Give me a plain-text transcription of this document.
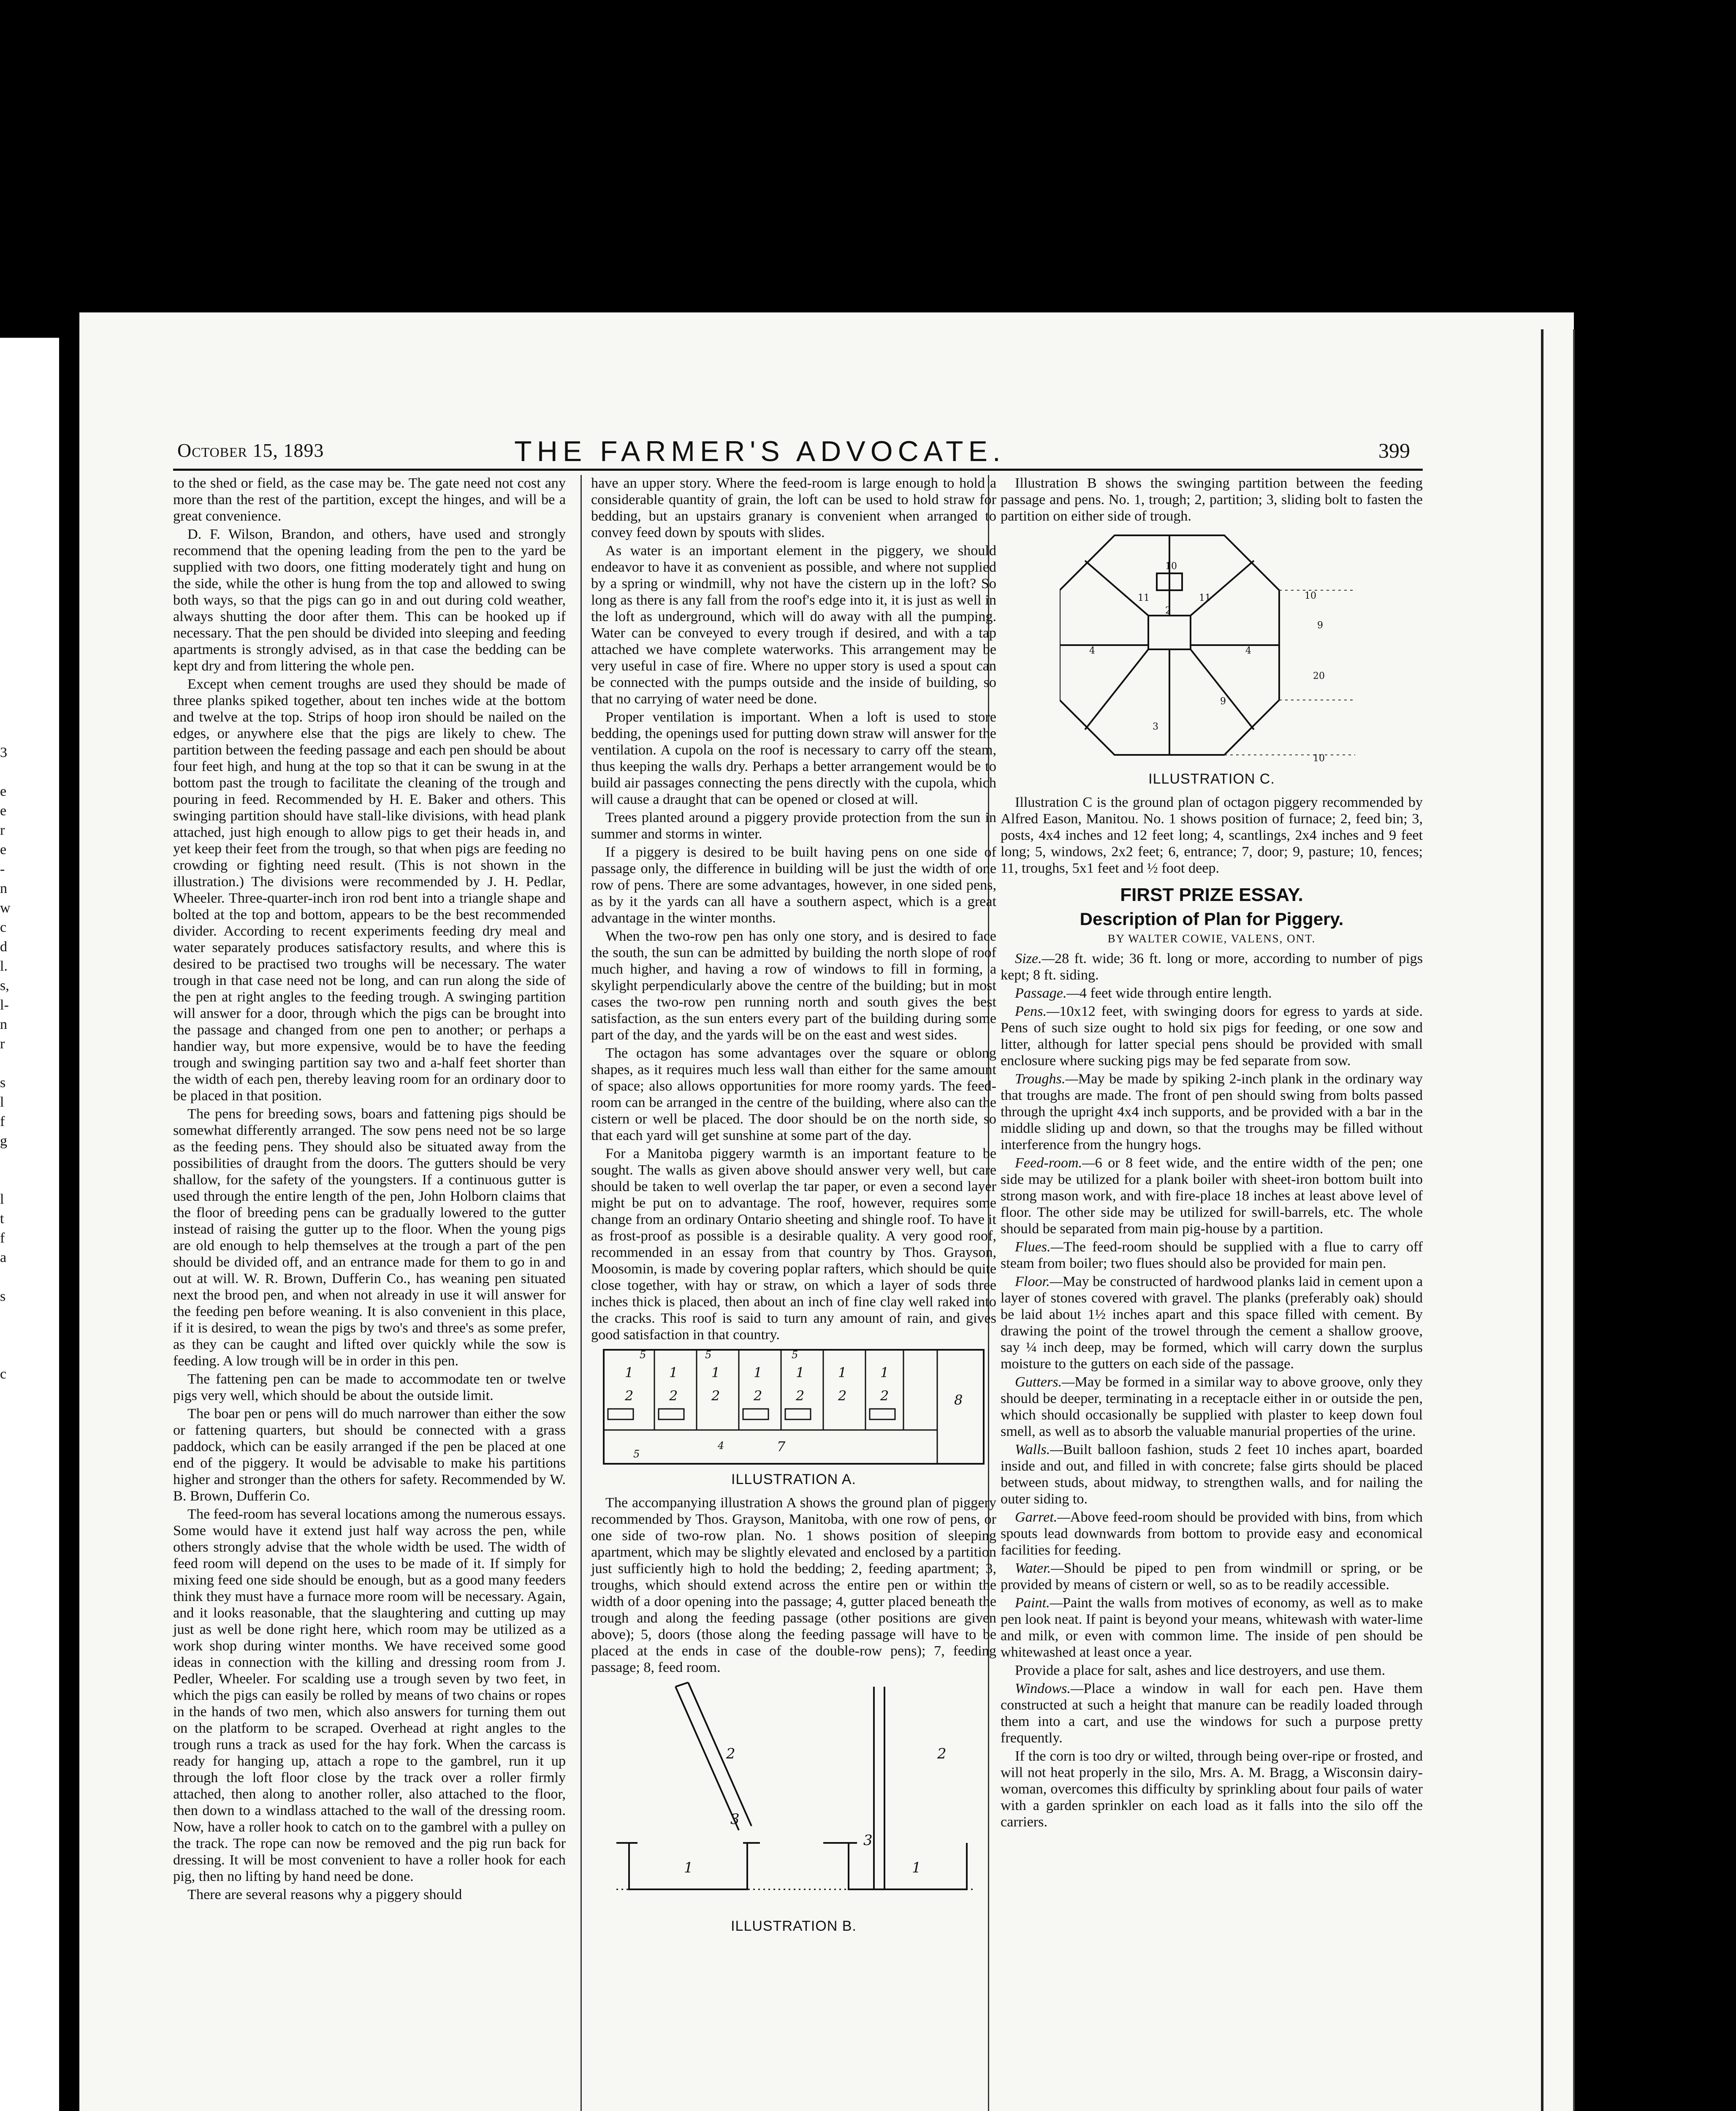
3

e
e
r
e
-
n
w
c
d
l.
s,
l-
n
r

s
l
f
g

l
t
f
a

s

c
October 15, 1893	THE FARMER'S ADVOCATE.	399

to the shed or field, as the case may be. The gate need not cost any more than the rest of the partition, except the hinges, and will be a great convenience.

D. F. Wilson, Brandon, and others, have used and strongly recommend that the opening leading from the pen to the yard be supplied with two doors, one fitting moderately tight and hung on the side, while the other is hung from the top and allowed to swing both ways, so that the pigs can go in and out during cold weather, always shutting the door after them. This can be hooked up if necessary. That the pen should be divided into sleeping and feeding apartments is strongly advised, as in that case the bedding can be kept dry and from littering the whole pen.

Except when cement troughs are used they should be made of three planks spiked together, about ten inches wide at the bottom and twelve at the top. Strips of hoop iron should be nailed on the edges, or anywhere else that the pigs are likely to chew. The partition between the feeding passage and each pen should be about four feet high, and hung at the top so that it can be swung in at the bottom past the trough to facilitate the cleaning of the trough and pouring in feed. Recommended by H. E. Baker and others. This swinging partition should have stall-like divisions, with head plank attached, just high enough to allow pigs to get their heads in, and yet keep their feet from the trough, so that when pigs are feeding no crowding or fighting need result. (This is not shown in the illustration.) The divisions were recommended by J. H. Pedlar, Wheeler. Three-quarter-inch iron rod bent into a triangle shape and bolted at the top and bottom, appears to be the best recommended divider. According to recent experiments feeding dry meal and water separately produces satisfactory results, and where this is desired to be practised two troughs will be necessary. The water trough in that case need not be long, and can run along the side of the pen at right angles to the feeding trough. A swinging partition will answer for a door, through which the pigs can be brought into the passage and changed from one pen to another; or perhaps a handier way, but more expensive, would be to have the feeding trough and swinging partition say two and a-half feet shorter than the width of each pen, thereby leaving room for an ordinary door to be placed in that position.

The pens for breeding sows, boars and fattening pigs should be somewhat differently arranged. The sow pens need not be so large as the feeding pens. They should also be situated away from the possibilities of draught from the doors. The gutters should be very shallow, for the safety of the youngsters. If a continuous gutter is used through the entire length of the pen, John Holborn claims that the floor of breeding pens can be gradually lowered to the gutter instead of raising the gutter up to the floor. When the young pigs are old enough to help themselves at the trough a part of the pen should be divided off, and an entrance made for them to go in and out at will. W. R. Brown, Dufferin Co., has weaning pen situated next the brood pen, and when not already in use it will answer for the feeding pen before weaning. It is also convenient in this place, if it is desired, to wean the pigs by two's and three's as some prefer, as they can be caught and lifted over quickly while the sow is feeding. A low trough will be in order in this pen.

The fattening pen can be made to accommodate ten or twelve pigs very well, which should be about the outside limit.

The boar pen or pens will do much narrower than either the sow or fattening quarters, but should be connected with a grass paddock, which can be easily arranged if the pen be placed at one end of the piggery. It would be advisable to make his partitions higher and stronger than the others for safety. Recommended by W. B. Brown, Dufferin Co.

The feed-room has several locations among the numerous essays. Some would have it extend just half way across the pen, while others strongly advise that the whole width be used. The width of feed room will depend on the uses to be made of it. If simply for mixing feed one side should be enough, but as a good many feeders think they must have a furnace more room will be necessary. Again, and it looks reasonable, that the slaughtering and cutting up may just as well be done right here, which room may be utilized as a work shop during winter months. We have received some good ideas in connection with the killing and dressing room from J. Pedler, Wheeler. For scalding use a trough seven by two feet, in which the pigs can easily be rolled by means of two chains or ropes in the hands of two men, which also answers for turning them out on the platform to be scraped. Overhead at right angles to the trough runs a track as used for the hay fork. When the carcass is ready for hanging up, attach a rope to the gambrel, run it up through the loft floor close by the track over a roller firmly attached, then along to another roller, also attached to the floor, then down to a windlass attached to the wall of the dressing room. Now, have a roller hook to catch on to the gambrel with a pulley on the track. The rope can now be removed and the pig run back for dressing. It will be most convenient to have a roller hook for each pig, then no lifting by hand need be done.

There are several reasons why a piggery should

have an upper story. Where the feed-room is large enough to hold a considerable quantity of grain, the loft can be used to hold straw for bedding, but an upstairs granary is convenient when arranged to convey feed down by spouts with slides.

As water is an important element in the piggery, we should endeavor to have it as convenient as possible, and where not supplied by a spring or windmill, why not have the cistern up in the loft? So long as there is any fall from the roof's edge into it, it is just as well in the loft as underground, which will do away with all the pumping. Water can be conveyed to every trough if desired, and with a tap attached we have complete waterworks. This arrangement may be very useful in case of fire. Where no upper story is used a spout can be connected with the pumps outside and the inside of building, so that no carrying of water need be done.

Proper ventilation is important. When a loft is used to store bedding, the openings used for putting down straw will answer for the ventilation. A cupola on the roof is necessary to carry off the steam, thus keeping the walls dry. Perhaps a better arrangement would be to build air passages connecting the pens directly with the cupola, which will cause a draught that can be opened or closed at will.

Trees planted around a piggery provide protection from the sun in summer and storms in winter.

If a piggery is desired to be built having pens on one side of passage only, the difference in building will be just the width of one row of pens. There are some advantages, however, in one sided pens, as by it the yards can all have a southern aspect, which is a great advantage in the winter months.

When the two-row pen has only one story, and is desired to face the south, the sun can be admitted by building the north slope of roof much higher, and having a row of windows to fill in forming, a skylight perpendicularly above the centre of the building; but in most cases the two-row pen running north and south gives the best satisfaction, as the sun enters every part of the building during some part of the day, and the yards will be on the east and west sides.

The octagon has some advantages over the square or oblong shapes, as it requires much less wall than either for the same amount of space; also allows opportunities for more roomy yards. The feed-room can be arranged in the centre of the building, where also can the cistern or well be placed. The door should be on the north side, so that each yard will get sunshine at some part of the day.

For a Manitoba piggery warmth is an important feature to be sought. The walls as given above should answer very well, but care should be taken to well overlap the tar paper, or even a second layer might be put on to advantage. The roof, however, requires some change from an ordinary Ontario sheeting and shingle roof. To have it as frost-proof as possible is a desirable quality. A very good roof, recommended in an essay from that country by Thos. Grayson, Moosomin, is made by covering poplar rafters, which should be quite close together, with hay or straw, on which a layer of sods three inches thick is placed, then about an inch of fine clay well raked into the cracks. This roof is said to turn any amount of rain, and gives good satisfaction in that country.

1	1 1 1 1 1 1
2	2 2 2 2 2 2
5	5	5
7
8
4
5
ILLUSTRATION A.

The accompanying illustration A shows the ground plan of piggery recommended by Thos. Grayson, Manitoba, with one row of pens, or one side of two-row plan. No. 1 shows position of sleeping apartment, which may be slightly elevated and enclosed by a partition just sufficiently high to hold the bedding; 2, feeding apartment; 3, troughs, which should extend across the entire pen or within the width of a door opening into the passage; 4, gutter placed beneath the trough and along the feeding passage (other positions are given above); 5, doors (those along the feeding passage will have to be placed at the ends in case of the double-row pens); 7, feeding passage; 8, feed room.

2
3
1
2
3
1
ILLUSTRATION B.

Illustration B shows the swinging partition between the feeding passage and pens. No. 1, trough; 2, partition; 3, sliding bolt to fasten the partition on either side of trough.

10
2
11	11
4	4
9
20
10
3
9
10
ILLUSTRATION C.

Illustration C is the ground plan of octagon piggery recommended by Alfred Eason, Manitou. No. 1 shows position of furnace; 2, feed bin; 3, posts, 4x4 inches and 12 feet long; 4, scantlings, 2x4 inches and 9 feet long; 5, windows, 2x2 feet; 6, entrance; 7, door; 9, pasture; 10, fences; 11, troughs, 5x1 feet and ½ foot deep.

FIRST PRIZE ESSAY.
Description of Plan for Piggery.
BY WALTER COWIE, VALENS, ONT.

Size.—28 ft. wide; 36 ft. long or more, according to number of pigs kept; 8 ft. siding.

Passage.—4 feet wide through entire length.

Pens.—10x12 feet, with swinging doors for egress to yards at side. Pens of such size ought to hold six pigs for feeding, or one sow and litter, although for latter special pens should be provided with small enclosure where sucking pigs may be fed separate from sow.

Troughs.—May be made by spiking 2-inch plank in the ordinary way that troughs are made. The front of pen should swing from bolts passed through the upright 4x4 inch supports, and be provided with a bar in the middle sliding up and down, so that the troughs may be filled without interference from the hungry hogs.

Feed-room.—6 or 8 feet wide, and the entire width of the pen; one side may be utilized for a plank boiler with sheet-iron bottom built into strong mason work, and with fire-place 18 inches at least above level of floor. The other side may be utilized for swill-barrels, etc. The whole should be separated from main pig-house by a partition.

Flues.—The feed-room should be supplied with a flue to carry off steam from boiler; two flues should also be provided for main pen.

Floor.—May be constructed of hardwood planks laid in cement upon a layer of stones covered with gravel. The planks (preferably oak) should be laid about 1½ inches apart and this space filled with cement. By drawing the point of the trowel through the cement a shallow groove, say ¼ inch deep, may be formed, which will carry down the surplus moisture to the gutters on each side of the passage.

Gutters.—May be formed in a similar way to above groove, only they should be deeper, terminating in a receptacle either in or outside the pen, which should occasionally be supplied with plaster to keep down foul smell, as well as to absorb the valuable manurial properties of the urine.

Walls.—Built balloon fashion, studs 2 feet 10 inches apart, boarded inside and out, and filled in with concrete; false girts should be placed between studs, about midway, to strengthen walls, and for nailing the outer siding to.

Garret.—Above feed-room should be provided with bins, from which spouts lead downwards from bottom to provide easy and economical facilities for feeding.

Water.—Should be piped to pen from windmill or spring, or be provided by means of cistern or well, so as to be readily accessible.

Paint.—Paint the walls from motives of economy, as well as to make pen look neat. If paint is beyond your means, whitewash with water-lime and milk, or even with common lime. The inside of pen should be whitewashed at least once a year.

Provide a place for salt, ashes and lice destroyers, and use them.

Windows.—Place a window in wall for each pen. Have them constructed at such a height that manure can be readily loaded through them into a cart, and use the windows for such a purpose pretty frequently.

If the corn is too dry or wilted, through being over-ripe or frosted, and will not heat properly in the silo, Mrs. A. M. Bragg, a Wisconsin dairy-woman, overcomes this difficulty by sprinkling about four pails of water with a garden sprinkler on each load as it falls into the silo off the carriers.
